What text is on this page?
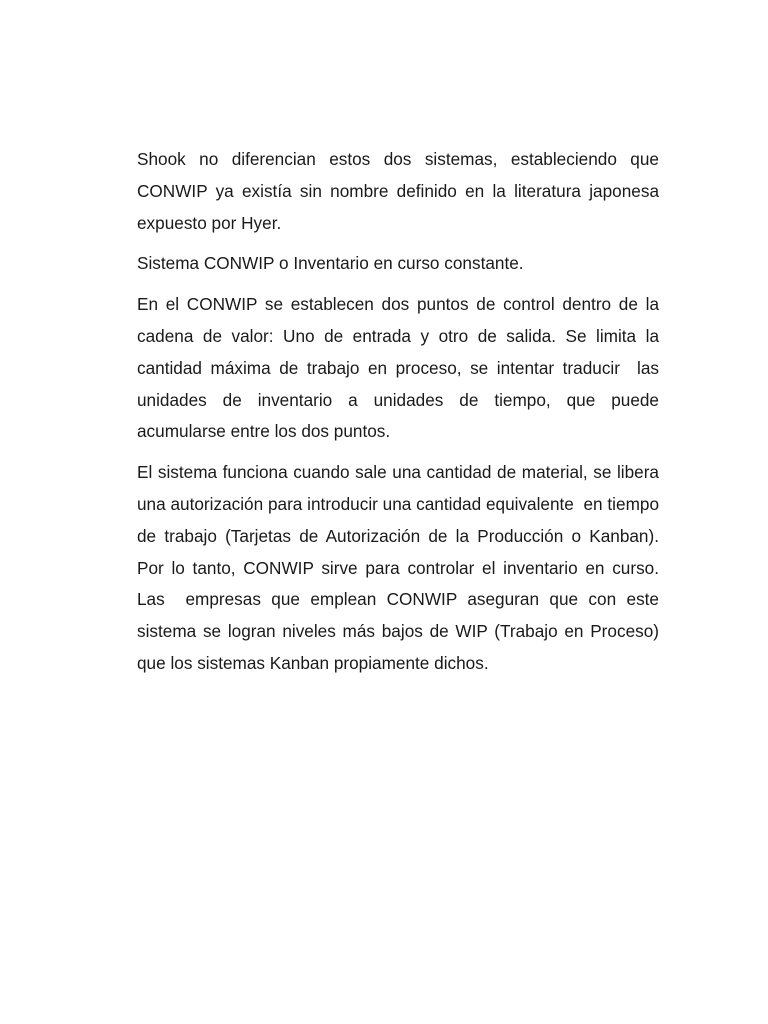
Shook no diferencian estos dos sistemas, estableciendo que CONWIP ya existía sin nombre definido en la literatura japonesa expuesto por Hyer.

Sistema CONWIP o Inventario en curso constante.

En el CONWIP se establecen dos puntos de control dentro de la cadena de valor: Uno de entrada y otro de salida. Se limita la cantidad máxima de trabajo en proceso, se intentar traducir  las unidades de inventario a unidades de tiempo, que puede acumularse entre los dos puntos.

El sistema funciona cuando sale una cantidad de material, se libera una autorización para introducir una cantidad equivalente  en tiempo de trabajo (Tarjetas de Autorización de la Producción o Kanban). Por lo tanto, CONWIP sirve para controlar el inventario en curso.  Las  empresas que emplean CONWIP aseguran que con este sistema se logran niveles más bajos de WIP (Trabajo en Proceso) que los sistemas Kanban propiamente dichos.
